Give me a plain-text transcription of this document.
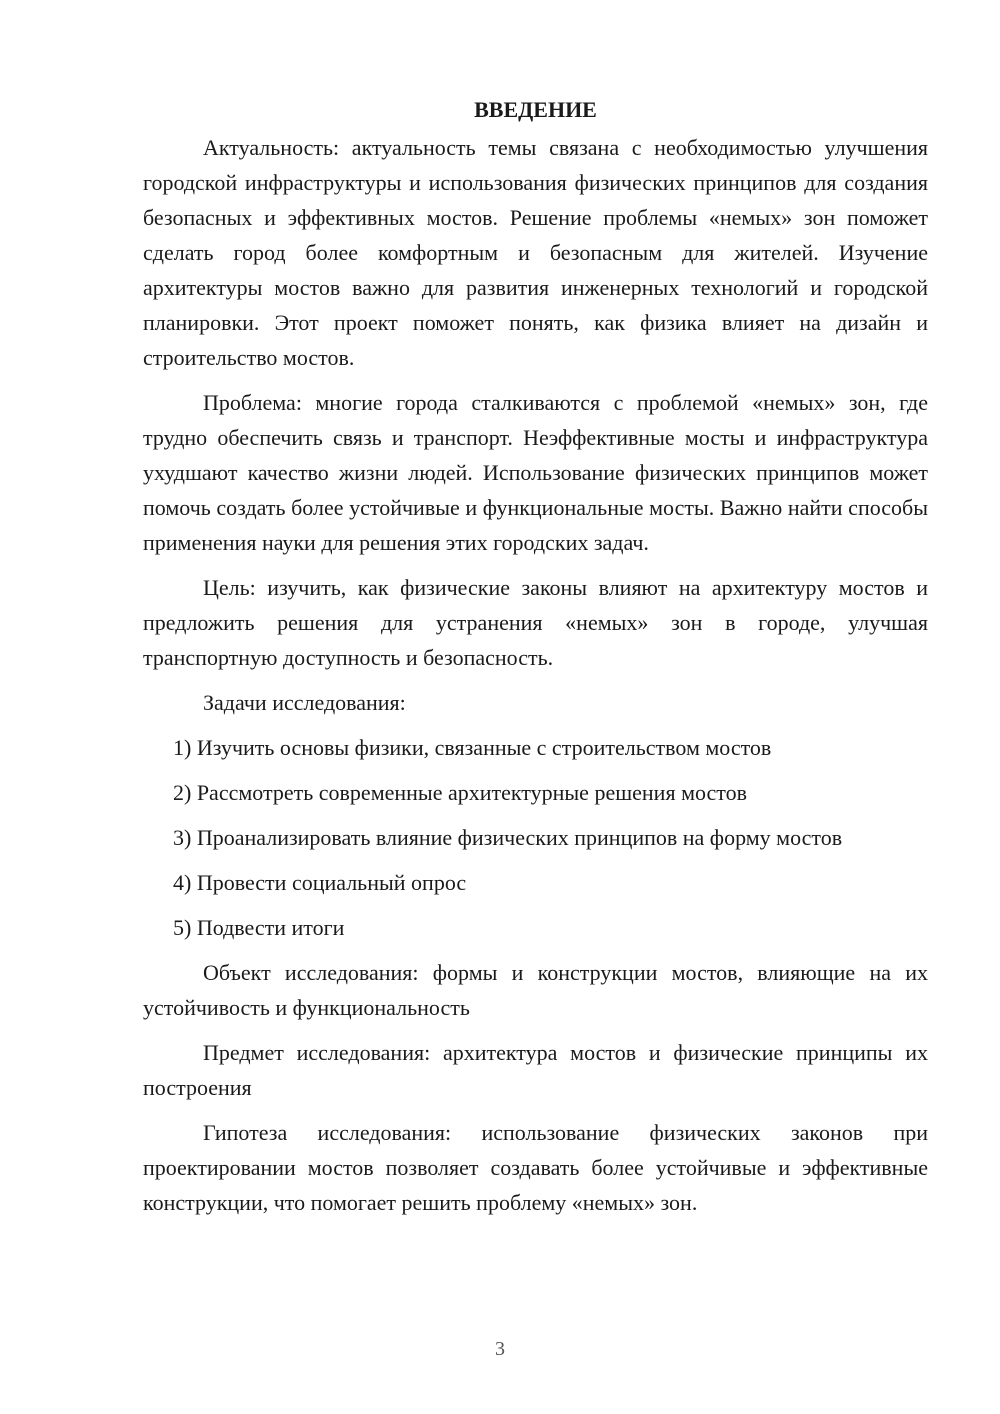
ВВЕДЕНИЕ

Актуальность: актуальность темы связана с необходимостью улучшения городской инфраструктуры и использования физических принципов для создания безопасных и эффективных мостов. Решение проблемы «немых» зон поможет сделать город более комфортным и безопасным для жителей. Изучение архитектуры мостов важно для развития инженерных технологий и городской планировки. Этот проект поможет понять, как физика влияет на дизайн и строительство мостов.

Проблема: многие города сталкиваются с проблемой «немых» зон, где трудно обеспечить связь и транспорт. Неэффективные мосты и инфраструктура ухудшают качество жизни людей. Использование физических принципов может помочь создать более устойчивые и функциональные мосты. Важно найти способы применения науки для решения этих городских задач.

Цель: изучить, как физические законы влияют на архитектуру мостов и предложить решения для устранения «немых» зон в городе, улучшая транспортную доступность и безопасность.

Задачи исследования:

1) Изучить основы физики, связанные с строительством мостов

2) Рассмотреть современные архитектурные решения мостов

3) Проанализировать влияние физических принципов на форму мостов

4) Провести социальный опрос

5) Подвести итоги

Объект исследования: формы и конструкции мостов, влияющие на их устойчивость и функциональность

Предмет исследования: архитектура мостов и физические принципы их построения

Гипотеза исследования: использование физических законов при проектировании мостов позволяет создавать более устойчивые и эффективные конструкции, что помогает решить проблему «немых» зон.

3
